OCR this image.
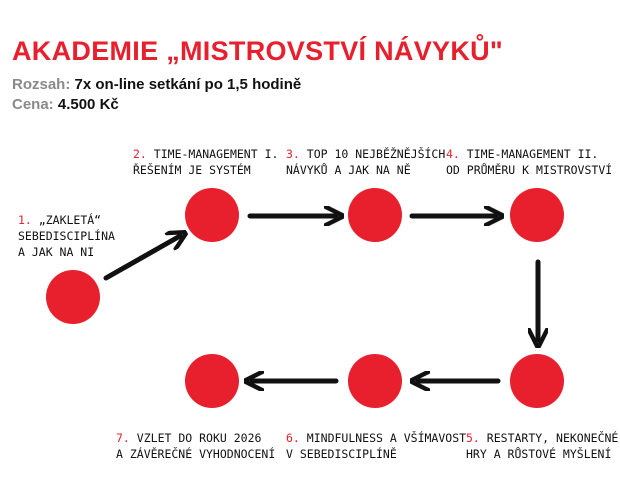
AKADEMIE „MISTROVSTVÍ NÁVYKŮ"
Rozsah: 7x on-line setkání po 1,5 hodině
Cena: 4.500 Kč
1. „ZAKLETÁ“
SEBEDISCIPLÍNA
A JAK NA NI
2. TIME-MANAGEMENT I.
ŘEŠENÍM JE SYSTÉM
3. TOP 10 NEJBĚŽNĚJŠÍCH
NÁVYKŮ A JAK NA NĚ
4. TIME-MANAGEMENT II.
OD PRŮMĚRU K MISTROVSTVÍ
5. RESTARTY, NEKONEČNÉ
HRY A RŮSTOVÉ MYŠLENÍ
6. MINDFULNESS A VŠÍMAVOST
V SEBEDISCIPLÍNĚ
7. VZLET DO ROKU 2026
A ZÁVĚREČNÉ VYHODNOCENÍ
